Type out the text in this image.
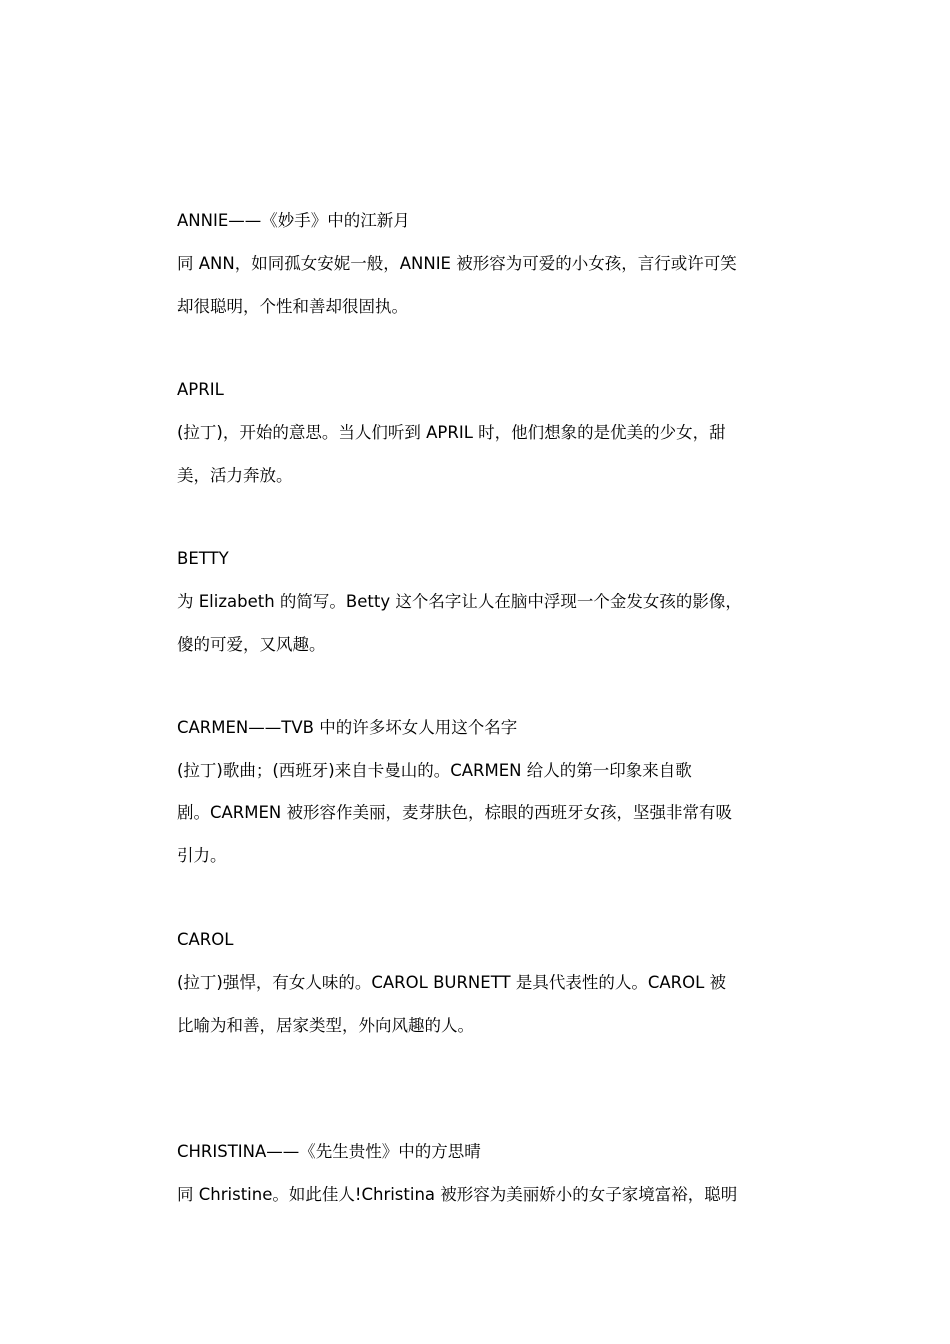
ANNIE——《妙手》中的江新月

同 ANN，如同孤女安妮一般，ANNIE 被形容为可爱的小女孩，言行或许可笑

却很聪明，个性和善却很固执。

APRIL

(拉丁)，开始的意思。当人们听到 APRIL 时，他们想象的是优美的少女，甜

美，活力奔放。

BETTY

为 Elizabeth 的简写。Betty 这个名字让人在脑中浮现一个金发女孩的影像，

傻的可爱，又风趣。

CARMEN——TVB 中的许多坏女人用这个名字

(拉丁)歌曲；(西班牙)来自卡曼山的。CARMEN 给人的第一印象来自歌

剧。CARMEN 被形容作美丽，麦芽肤色，棕眼的西班牙女孩，坚强非常有吸

引力。

CAROL

(拉丁)强悍，有女人味的。CAROL BURNETT 是具代表性的人。CAROL 被

比喻为和善，居家类型，外向风趣的人。

CHRISTINA——《先生贵性》中的方思晴

同 Christine。如此佳人!Christina 被形容为美丽娇小的女子家境富裕，聪明
